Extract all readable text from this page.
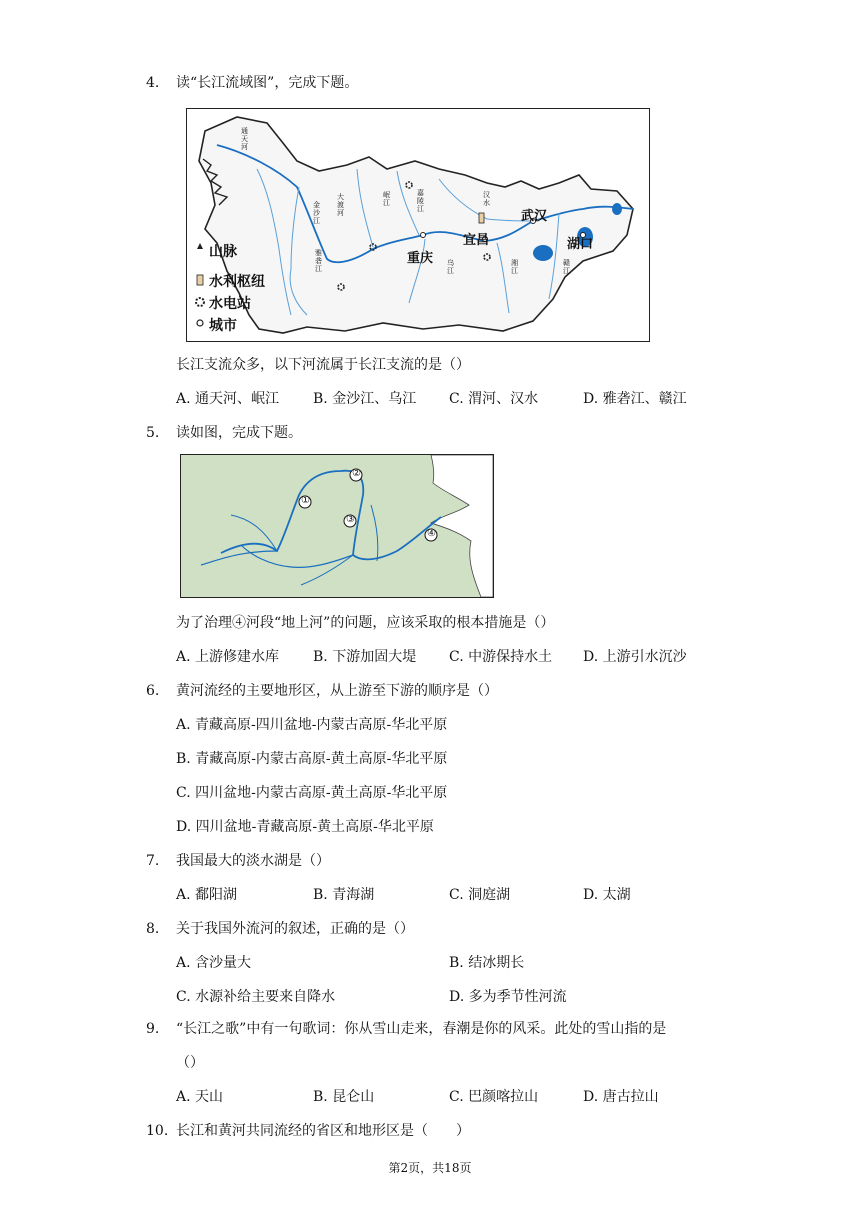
4. 读“长江流域图”，完成下题。
山脉
水利枢纽
水电站
城市
武汉
宜昌
重庆
湖口
通天河
金沙江
大渡河
岷江
嘉陵江
汉水
乌江
湘江
赣江
雅砻江
长江支流众多，以下河流属于长江支流的是（）
A. 通天河、岷江 B. 金沙江、乌江 C. 渭河、汉水	D. 雅砻江、赣江
5. 读如图，完成下题。
①
②
③
④
为了治理④河段“地上河”的问题，应该采取的根本措施是（）
A. 上游修建水库 B. 下游加固大堤 C. 中游保持水土 D. 上游引水沉沙
6. 黄河流经的主要地形区，从上游至下游的顺序是（）
A. 青藏高原-四川盆地-内蒙古高原-华北平原
B. 青藏高原-内蒙古高原-黄土高原-华北平原
C. 四川盆地-内蒙古高原-黄土高原-华北平原
D. 四川盆地-青藏高原-黄土高原-华北平原
7. 我国最大的淡水湖是（）
A. 鄱阳湖	B. 青海湖	C. 洞庭湖	D. 太湖
8. 关于我国外流河的叙述，正确的是（）
A. 含沙量大	B. 结冰期长
C. 水源补给主要来自降水	D. 多为季节性河流
9. “长江之歌”中有一句歌词：你从雪山走来，春潮是你的风采。此处的雪山指的是
（）
A. 天山	B. 昆仑山	C. 巴颜喀拉山	D. 唐古拉山
10. 长江和黄河共同流经的省区和地形区是（　　）
第2页，共18页
